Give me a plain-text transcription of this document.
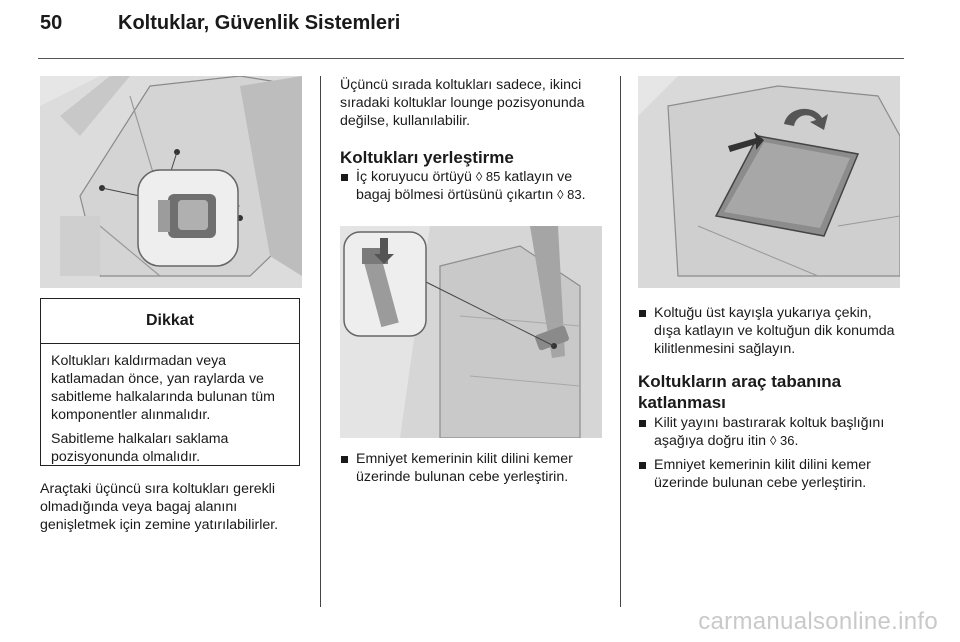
50	Koltuklar, Güvenlik Sistemleri
Dikkat

Koltukları kaldırmadan veya katlamadan önce, yan raylarda ve sabitleme halkalarında bulunan tüm komponentler alınmalıdır.

Sabitleme halkaları saklama pozisyonunda olmalıdır.

Araçtaki üçüncü sıra koltukları gerekli olmadığında veya bagaj alanını genişletmek için zemine yatırılabilirler.

Üçüncü sırada koltukları sadece, ikinci sıradaki koltuklar lounge pozisyonunda değilse, kullanılabilir.

Koltukları yerleştirme
İç koruyucu örtüyü ◊ 85 katlayın ve bagaj bölmesi örtüsünü çıkartın ◊ 83.
Emniyet kemerinin kilit dilini kemer üzerinde bulunan cebe yerleştirin.
Koltuğu üst kayışla yukarıya çekin, dışa katlayın ve koltuğun dik konumda kilitlenmesini sağlayın.
Koltukların araç tabanına katlanması
Kilit yayını bastırarak koltuk başlığını aşağıya doğru itin ◊ 36.
Emniyet kemerinin kilit dilini kemer üzerinde bulunan cebe yerleştirin.
carmanualsonline.info
